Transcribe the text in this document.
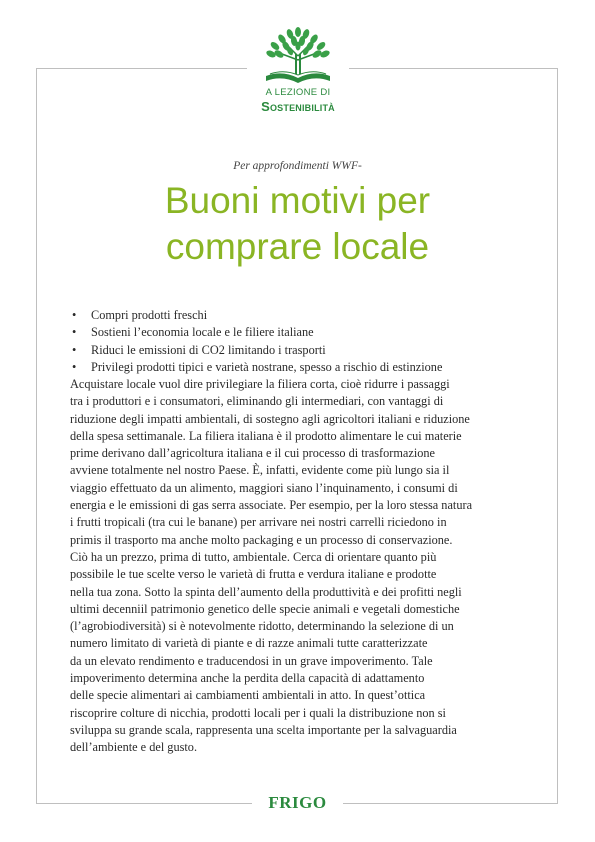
A LEZIONE DI
Sostenibilità
Per approfondimenti WWF-
Buoni motivi per
comprare locale
• Compri prodotti freschi
• Sostieni l’economia locale e le filiere italiane
• Riduci le emissioni di CO2 limitando i trasporti
• Privilegi prodotti tipici e varietà nostrane, spesso a rischio di estinzione
Acquistare locale vuol dire privilegiare la filiera corta, cioè ridurre i passaggi
tra i produttori e i consumatori, eliminando gli intermediari, con vantaggi di
riduzione degli impatti ambientali, di sostegno agli agricoltori italiani e riduzione
della spesa settimanale. La filiera italiana è il prodotto alimentare le cui materie
prime derivano dall’agricoltura italiana e il cui processo di trasformazione
avviene totalmente nel nostro Paese. È, infatti, evidente come più lungo sia il
viaggio effettuato da un alimento, maggiori siano l’inquinamento, i consumi di
energia e le emissioni di gas serra associate. Per esempio, per la loro stessa natura
i frutti tropicali (tra cui le banane) per arrivare nei nostri carrelli riciedono in
primis il trasporto ma anche molto packaging e un processo di conservazione.
Ciò ha un prezzo, prima di tutto, ambientale. Cerca di orientare quanto più
possibile le tue scelte verso le varietà di frutta e verdura italiane e prodotte
nella tua zona. Sotto la spinta dell’aumento della produttività e dei profitti negli
ultimi decenniil patrimonio genetico delle specie animali e vegetali domestiche
(l’agrobiodiversità) si è notevolmente ridotto, determinando la selezione di un
numero limitato di varietà di piante e di razze animali tutte caratterizzate
da un elevato rendimento e traducendosi in un grave impoverimento. Tale
impoverimento determina anche la perdita della capacità di adattamento
delle specie alimentari ai cambiamenti ambientali in atto. In quest’ottica
riscoprire colture di nicchia, prodotti locali per i quali la distribuzione non si
sviluppa su grande scala, rappresenta una scelta importante per la salvaguardia
dell’ambiente e del gusto.
FRIGO
